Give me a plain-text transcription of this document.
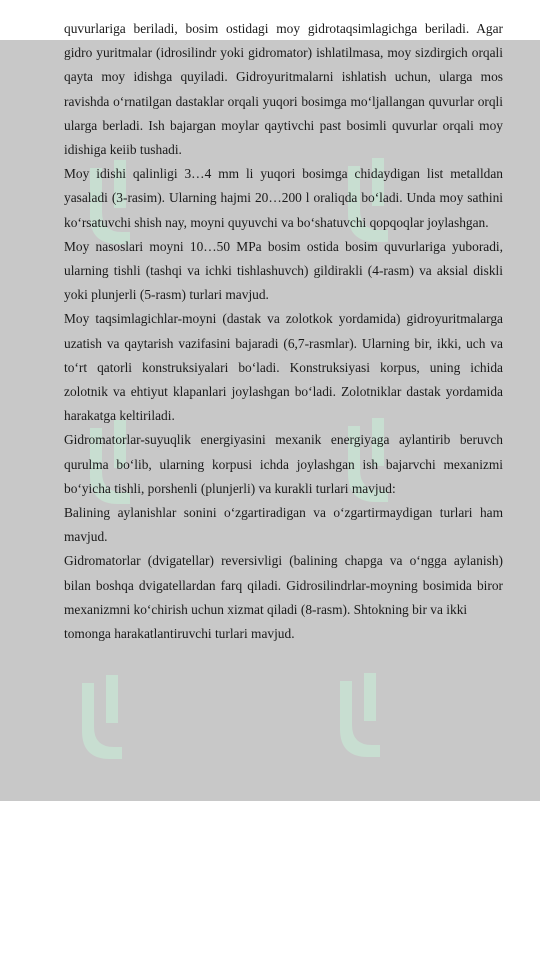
quvurlariga beriladi, bosim ostidagi moy gidrotaqsimlagichga beriladi. Agar gidro yuritmalar (idrosilindr yoki gidromator) ishlatilmasa, moy sizdirgich orqali qayta moy idishga quyiladi. Gidroyuritmalarni ishlatish uchun, ularga mos ravishda o‘rnatilgan dastaklar orqali yuqori bosimga mo‘ljallangan quvurlar orqli ularga berladi. Ish bajargan moylar qaytivchi past bosimli quvurlar orqali moy idishiga keiib tushadi.

Moy idishi qalinligi 3…4 mm li yuqori bosimga chidaydigan list metalldan yasaladi (3-rasim). Ularning hajmi 20…200 l oraliqda bo‘ladi. Unda moy sathini ko‘rsatuvchi shish nay, moyni quyuvchi va bo‘shatuvchi qopqoqlar joylashgan.

Moy nasoslari moyni 10…50 MPa bosim ostida bosim quvurlariga yuboradi, ularning tishli (tashqi va ichki tishlashuvch) gildirakli (4-rasm) va aksial diskli yoki plunjerli (5-rasm) turlari mavjud.

Moy taqsimlagichlar-moyni (dastak va zolotkok yordamida) gidroyuritmalarga uzatish va qaytarish vazifasini bajaradi (6,7-rasmlar). Ularning bir, ikki, uch va to‘rt qatorli konstruksiyalari bo‘ladi. Konstruksiyasi korpus, uning ichida zolotnik va ehtiyut klapanlari joylashgan bo‘ladi. Zolotniklar dastak yordamida harakatga keltiriladi.

Gidromatorlar-suyuqlik energiyasini mexanik energiyaga aylantirib beruvch qurulma bo‘lib, ularning korpusi ichda joylashgan ish bajarvchi mexanizmi bo‘yicha tishli, porshenli (plunjerli) va kurakli turlari mavjud:

Balining aylanishlar sonini o‘zgartiradigan va o‘zgartirmaydigan turlari ham mavjud.

Gidromatorlar (dvigatellar) reversivligi (balining chapga va o‘ngga aylanish) bilan boshqa dvigatellardan farq qiladi. Gidrosilindrlar-moyning bosimida biror mexanizmni ko‘chirish uchun xizmat qiladi (8-rasm). Shtokning bir va ikki

tomonga harakatlantiruvchi turlari mavjud.
